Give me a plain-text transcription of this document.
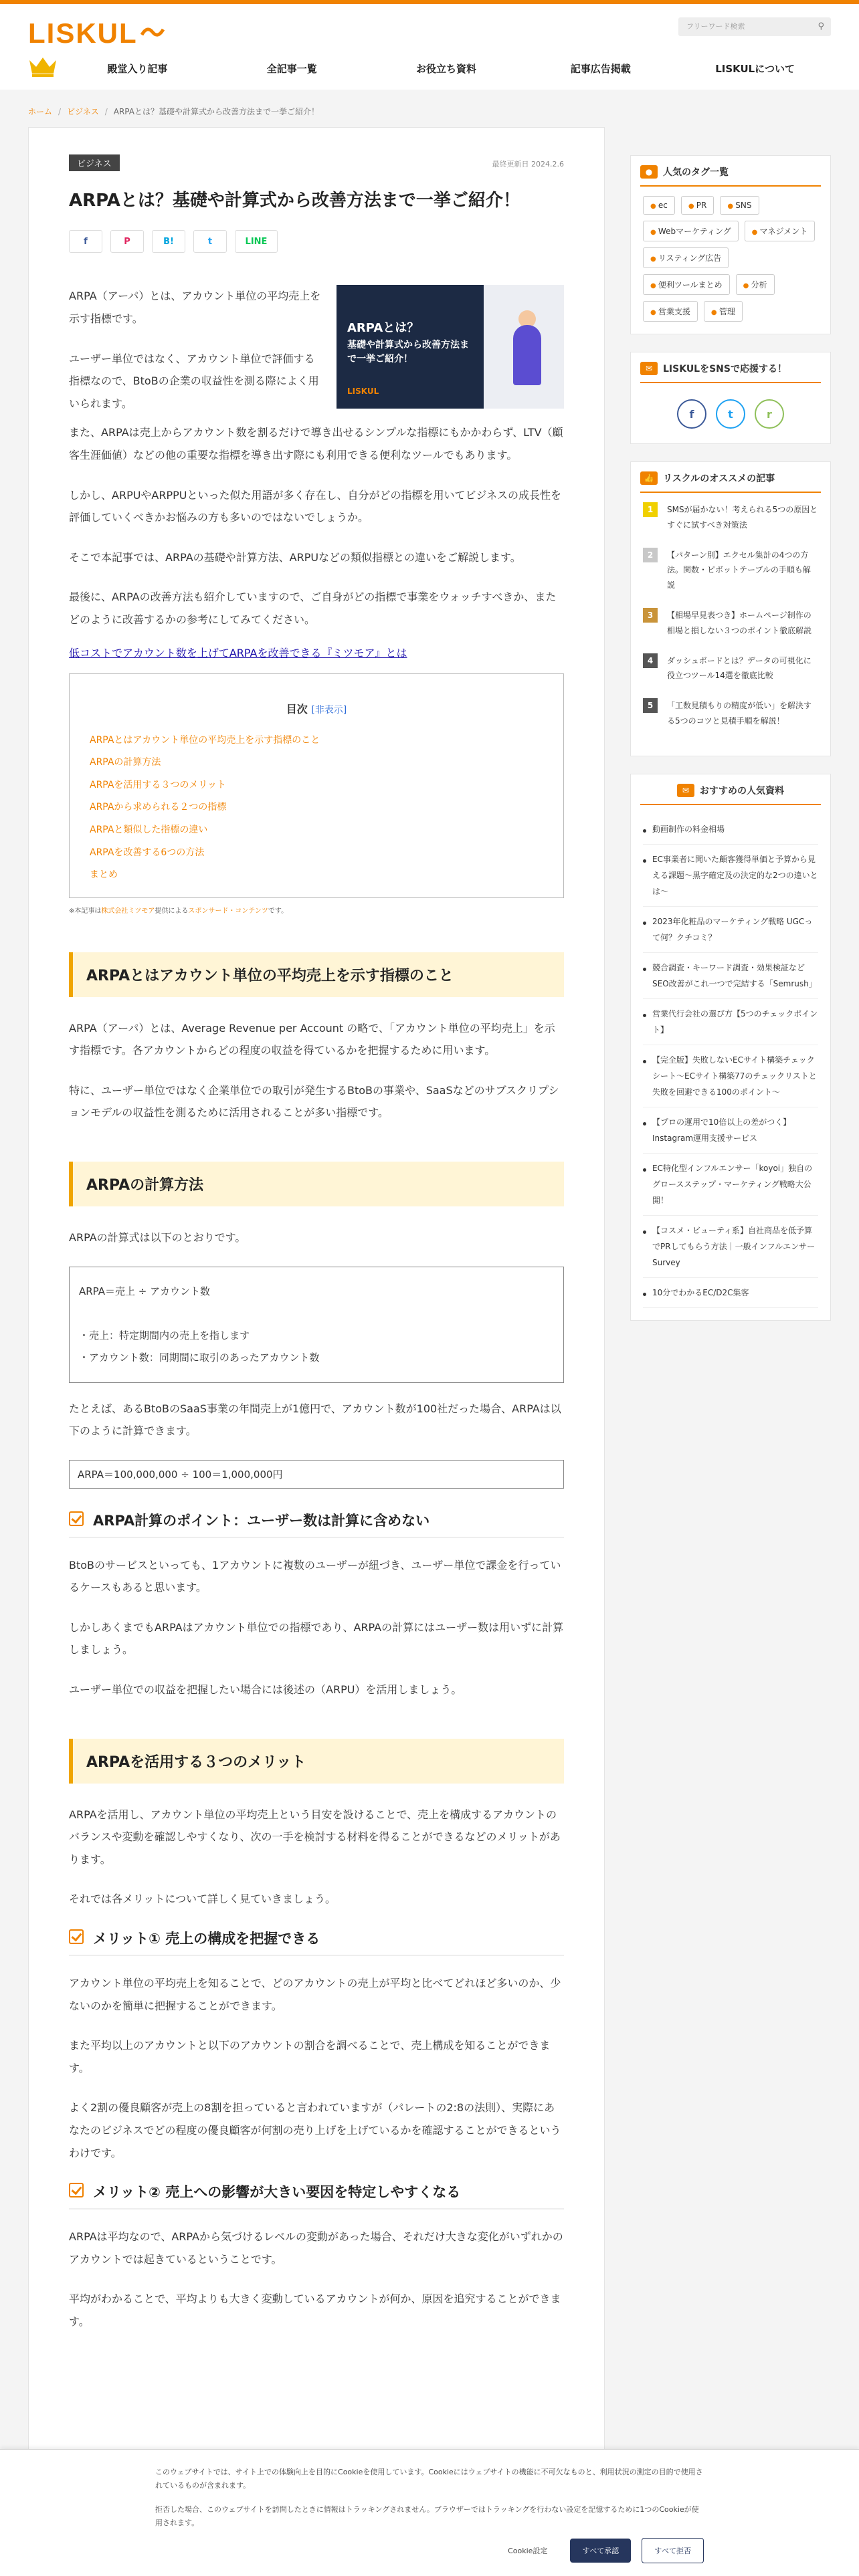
LISKUL	フリーワード検索	⚲
殿堂入り記事	全記事一覧	お役立ち資料	記事広告掲載	LISKULについて
ホーム / ビジネス / ARPAとは？基礎や計算式から改善方法まで一挙ご紹介！
ビジネス	最終更新日 2024.2.6
ARPAとは？基礎や計算式から改善方法まで一挙ご紹介！
f	P	B!	t	LINE

ARPA（アーパ）とは、アカウント単位の平均売上を示す指標です。

ユーザー単位ではなく、アカウント単位で評価する指標なので、BtoBの企業の収益性を測る際によく用いられます。

ARPAとは？
基礎や計算式から改善方法ま
で一挙ご紹介！
LISKUL

また、ARPAは売上からアカウント数を割るだけで導き出せるシンプルな指標にもかかわらず、LTV（顧客生涯価値）などの他の重要な指標を導き出す際にも利用できる便利なツールでもあります。

しかし、ARPUやARPPUといった似た用語が多く存在し、自分がどの指標を用いてビジネスの成長性を評価していくべきかお悩みの方も多いのではないでしょうか。

そこで本記事では、ARPAの基礎や計算方法、ARPUなどの類似指標との違いをご解説します。

最後に、ARPAの改善方法も紹介していますので、ご自身がどの指標で事業をウォッチすべきか、またどのように改善するかの参考にしてみてください。

低コストでアカウント数を上げてARPAを改善できる『ミツモア』とは
目次 [非表示]
ARPAとはアカウント単位の平均売上を示す指標のこと
ARPAの計算方法
ARPAを活用する３つのメリット
ARPAから求められる２つの指標
ARPAと類似した指標の違い
ARPAを改善する6つの方法
まとめ
※本記事は株式会社ミツモア提供によるスポンサード・コンテンツです。
ARPAとはアカウント単位の平均売上を示す指標のこと

ARPA（アーパ）とは、Average Revenue per Account の略で、「アカウント単位の平均売上」を示す指標です。各アカウントからどの程度の収益を得ているかを把握するために用います。

特に、ユーザー単位ではなく企業単位での取引が発生するBtoBの事業や、SaaSなどのサブスクリプションモデルの収益性を測るために活用されることが多い指標です。

ARPAの計算方法

ARPAの計算式は以下のとおりです。

ARPA＝売上 ÷ アカウント数

・売上：特定期間内の売上を指します
・アカウント数：同期間に取引のあったアカウント数

たとえば、あるBtoBのSaaS事業の年間売上が1億円で、アカウント数が100社だった場合、ARPAは以下のように計算できます。

ARPA＝100,000,000 ÷ 100＝1,000,000円
ARPA計算のポイント：ユーザー数は計算に含めない

BtoBのサービスといっても、1アカウントに複数のユーザーが紐づき、ユーザー単位で課金を行っているケースもあると思います。

しかしあくまでもARPAはアカウント単位での指標であり、ARPAの計算にはユーザー数は用いずに計算しましょう。

ユーザー単位での収益を把握したい場合には後述の（ARPU）を活用しましょう。

ARPAを活用する３つのメリット

ARPAを活用し、アカウント単位の平均売上という目安を設けることで、売上を構成するアカウントのバランスや変動を確認しやすくなり、次の一手を検討する材料を得ることができるなどのメリットがあります。

それでは各メリットについて詳しく見ていきましょう。

メリット① 売上の構成を把握できる

アカウント単位の平均売上を知ることで、どのアカウントの売上が平均と比べてどれほど多いのか、少ないのかを簡単に把握することができます。

また平均以上のアカウントと以下のアカウントの割合を調べることで、売上構成を知ることができます。

よく2割の優良顧客が売上の8割を担っていると言われていますが（パレートの2:8の法則）、実際にあなたのビジネスでどの程度の優良顧客が何割の売り上げを上げているかを確認することができるというわけです。

メリット② 売上への影響が大きい要因を特定しやすくなる

ARPAは平均なので、ARPAから気づけるレベルの変動があった場合、それだけ大きな変化がいずれかのアカウントでは起きているということです。

平均がわかることで、平均よりも大きく変動しているアカウントが何か、原因を追究することができます。

●	人気のタグ一覧
● ec	● PR	● SNS
● Webマーケティング	● マネジメント
● リスティング広告
● 便利ツールまとめ	● 分析
● 営業支援	● 管理
✉	LISKULをSNSで応援する！
f	t	r
👍 リスクルのオススメの記事
1	SMSが届かない！考えられる5つの原因とすぐに試すべき対策法
2	【パターン別】エクセル集計の4つの方法。関数・ピボットテーブルの手順も解説
3	【相場早見表つき】ホームページ制作の相場と損しない３つのポイント徹底解説
4	ダッシュボードとは？データの可視化に役立つツール14選を徹底比較
5	「工数見積もりの精度が低い」を解決する5つのコツと見積手順を解説！
✉	おすすめの人気資料
動画制作の料金相場
EC事業者に聞いた顧客獲得単価と予算から見える課題〜黒字確定及の決定的な2つの違いとは〜
2023年化粧品のマーケティング戦略 UGCって何？クチコミ？
競合調査・キーワード調査・効果検証などSEO改善がこれ一つで完結する「Semrush」
営業代行会社の選び方【5つのチェックポイント】
【完全版】失敗しないECサイト構築チェックシート〜ECサイト構築77のチェックリストと失敗を回避できる100のポイント〜
【プロの運用で10倍以上の差がつく】Instagram運用支援サービス
EC特化型インフルエンサー「koyoi」独自のグロースステップ・マーケティング戦略大公開！
【コスメ・ビューティ系】自社商品を低予算でPRしてもらう方法｜一般インフルエンサーSurvey
10分でわかるEC/D2C集客

このウェブサイトでは、サイト上での体験向上を目的にCookieを使用しています。Cookieにはウェブサイトの機能に不可欠なものと、利用状況の測定の目的で使用されているものが含まれます。

拒否した場合、このウェブサイトを訪問したときに情報はトラッキングされません。ブラウザーではトラッキングを行わない設定を記憶するために1つのCookieが使用されます。

Cookie設定	すべて承認	すべて拒否
